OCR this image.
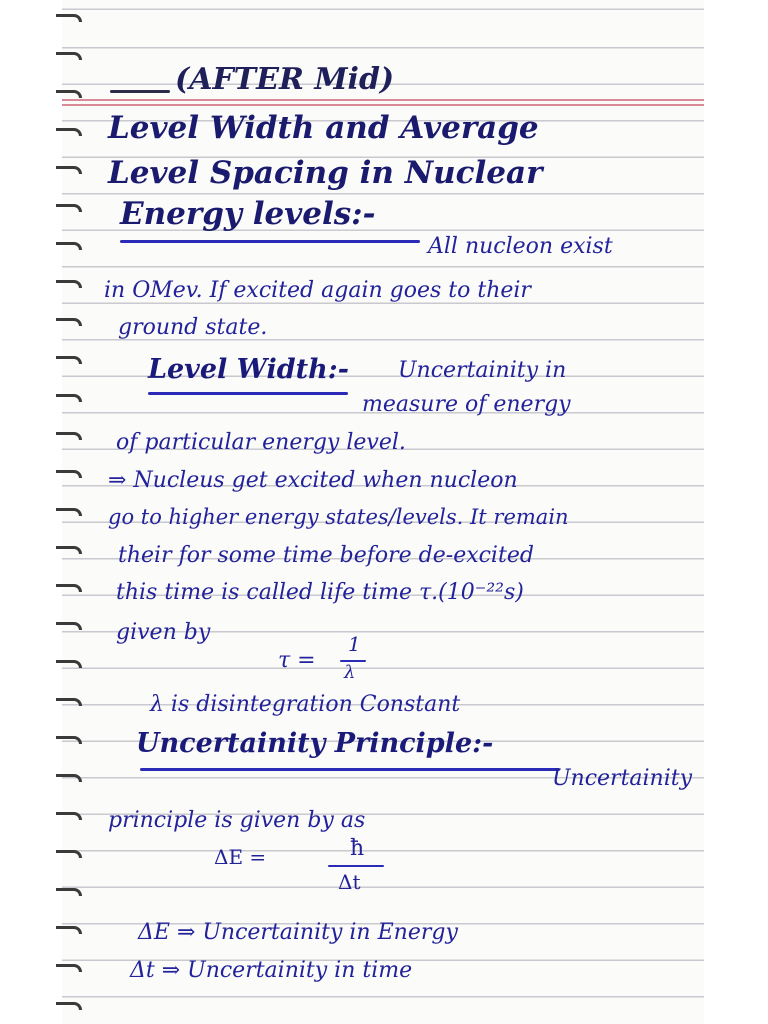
(AFTER Mid)
Level Width and Average
Level Spacing in Nuclear
Energy levels:-
All nucleon exist
in OMev. If excited again goes to their
ground state.
Level Width:- Uncertainity in
measure of energy
of particular energy level.
⇒ Nucleus get excited when nucleon
go to higher energy states/levels. It remain
their for some time before de-excited
this time is called life time τ.(10⁻²²s)
given by
τ =
1
λ
λ is disintegration Constant
Uncertainity Principle:-
Uncertainity
principle is given by as
ΔE =	ħ
Δt
ΔE ⇒ Uncertainity in Energy
Δt ⇒ Uncertainity in time
